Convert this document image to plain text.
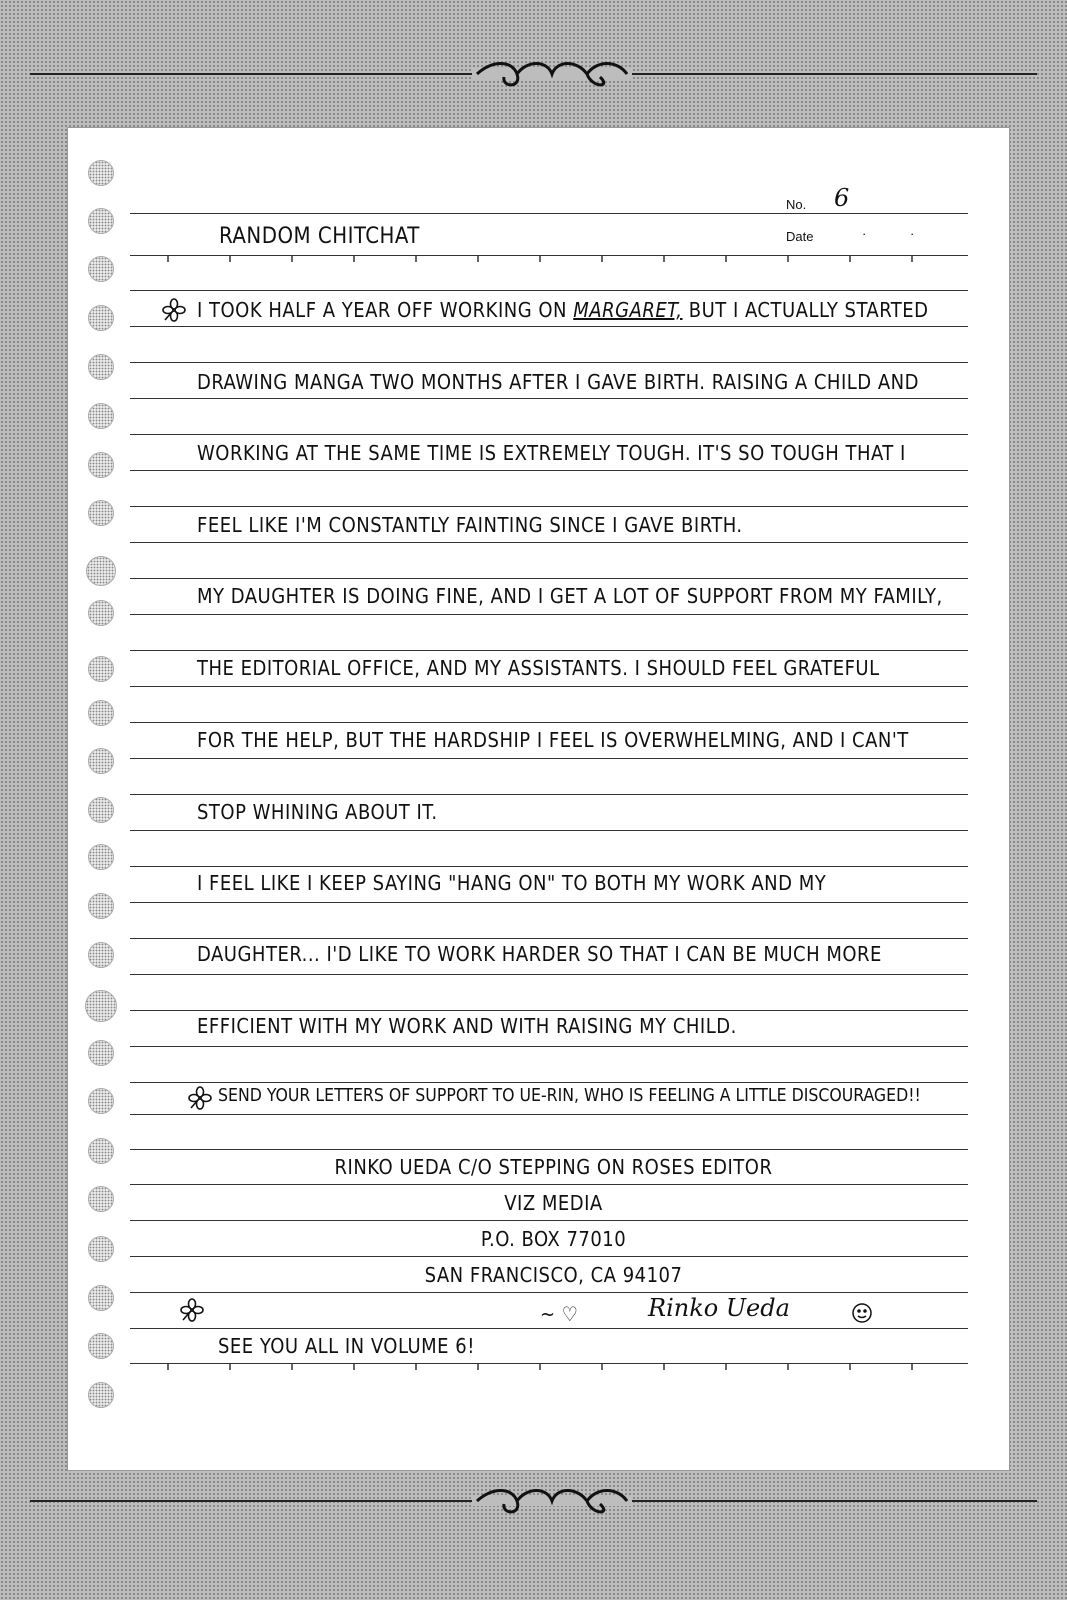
No. 6
RANDOM CHITCHAT	Date	· ·
I TOOK HALF A YEAR OFF WORKING ON MARGARET, BUT I ACTUALLY STARTED
DRAWING MANGA TWO MONTHS AFTER I GAVE BIRTH. RAISING A CHILD AND
WORKING AT THE SAME TIME IS EXTREMELY TOUGH. IT'S SO TOUGH THAT I
FEEL LIKE I'M CONSTANTLY FAINTING SINCE I GAVE BIRTH.
MY DAUGHTER IS DOING FINE, AND I GET A LOT OF SUPPORT FROM MY FAMILY,
THE EDITORIAL OFFICE, AND MY ASSISTANTS. I SHOULD FEEL GRATEFUL
FOR THE HELP, BUT THE HARDSHIP I FEEL IS OVERWHELMING, AND I CAN'T
STOP WHINING ABOUT IT.
I FEEL LIKE I KEEP SAYING "HANG ON" TO BOTH MY WORK AND MY
DAUGHTER... I'D LIKE TO WORK HARDER SO THAT I CAN BE MUCH MORE
EFFICIENT WITH MY WORK AND WITH RAISING MY CHILD.
SEND YOUR LETTERS OF SUPPORT TO UE-RIN, WHO IS FEELING A LITTLE DISCOURAGED!!
RINKO UEDA C/O STEPPING ON ROSES EDITOR
VIZ MEDIA
P.O. BOX 77010
SAN FRANCISCO, CA 94107
~ ♡	Rinko Ueda
SEE YOU ALL IN VOLUME 6!
